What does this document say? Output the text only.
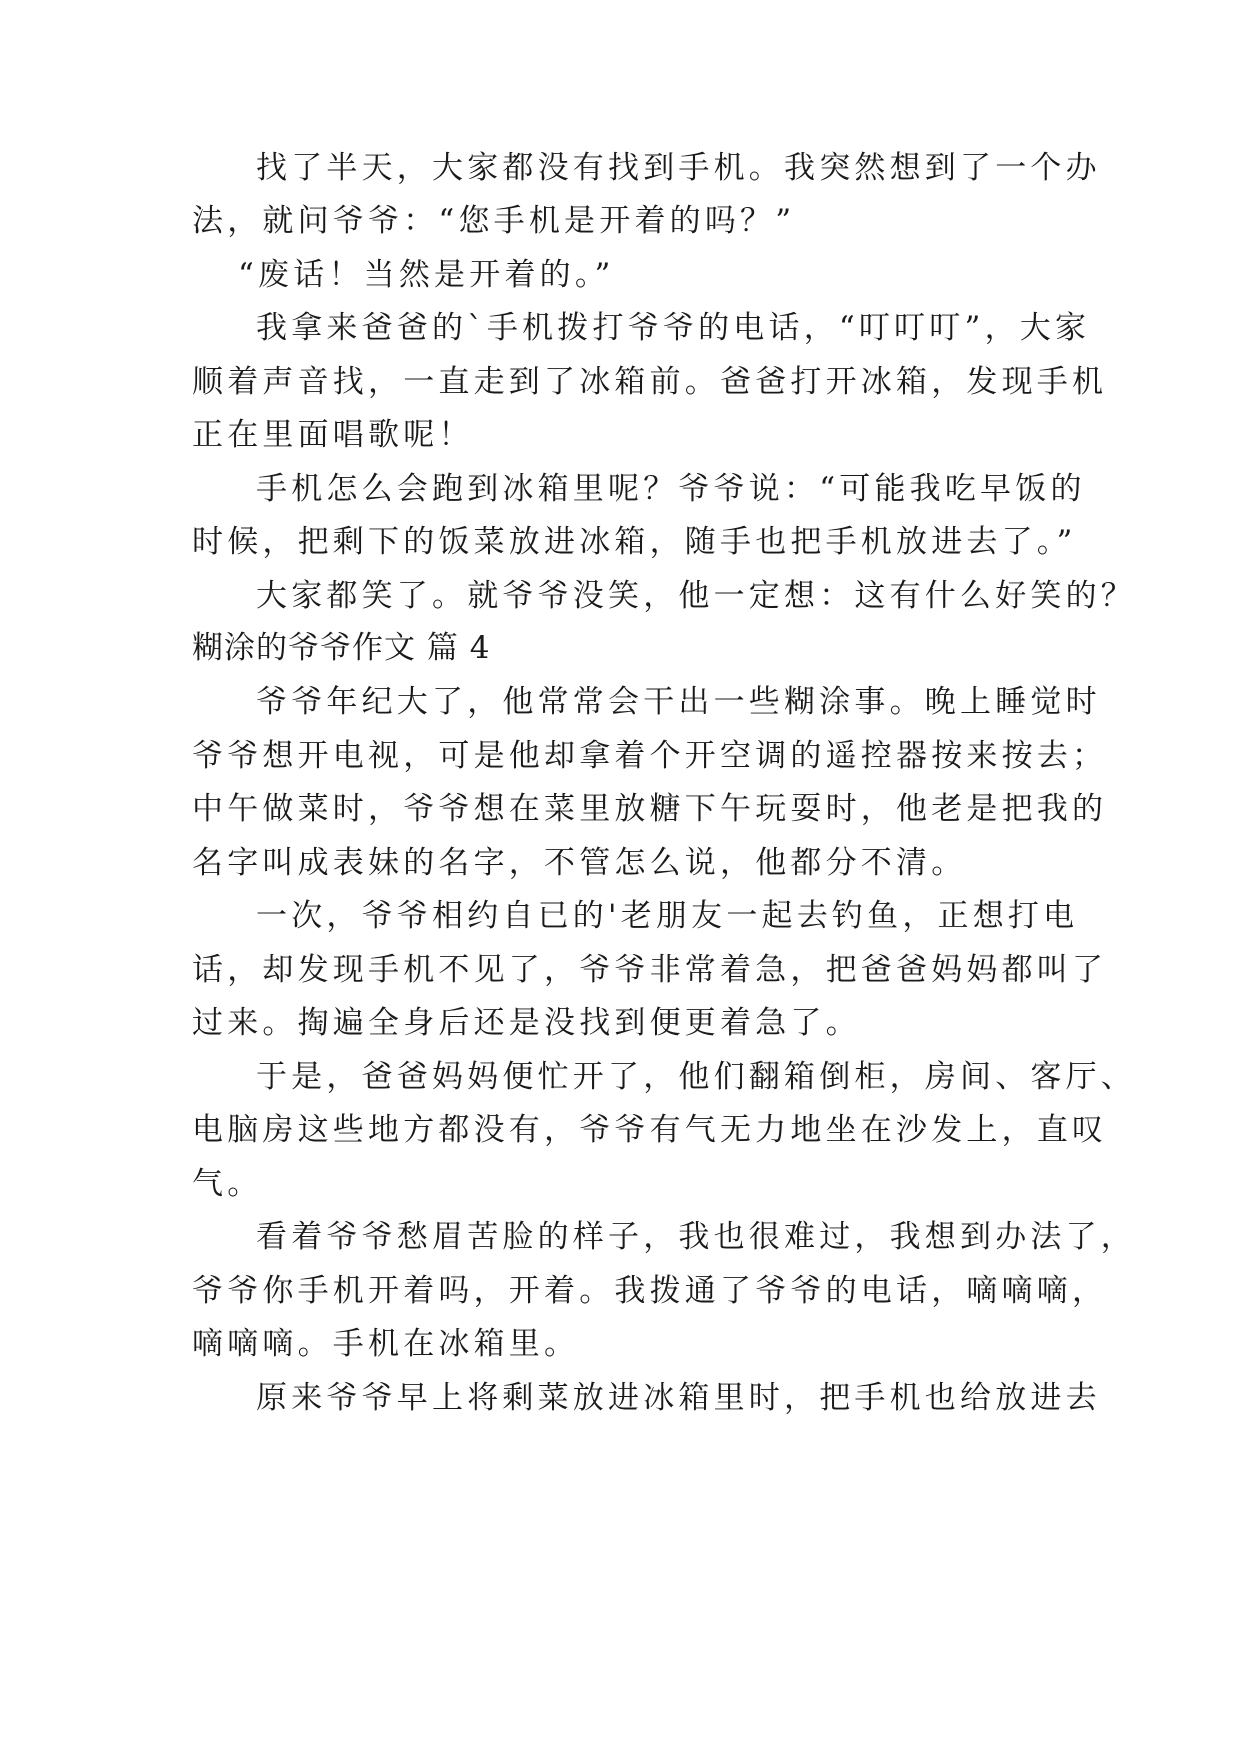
找了半天，大家都没有找到手机。我突然想到了一个办
法，就问爷爷：“您手机是开着的吗？”
“废话！当然是开着的。”
我拿来爸爸的`手机拨打爷爷的电话，“叮叮叮”，大家
顺着声音找，一直走到了冰箱前。爸爸打开冰箱，发现手机
正在里面唱歌呢！
手机怎么会跑到冰箱里呢？爷爷说：“可能我吃早饭的
时候，把剩下的饭菜放进冰箱，随手也把手机放进去了。”
大家都笑了。就爷爷没笑，他一定想：这有什么好笑的？
糊涂的爷爷作文 篇 4
爷爷年纪大了，他常常会干出一些糊涂事。晚上睡觉时
爷爷想开电视，可是他却拿着个开空调的遥控器按来按去；
中午做菜时，爷爷想在菜里放糖下午玩耍时，他老是把我的
名字叫成表妹的名字，不管怎么说，他都分不清。
一次，爷爷相约自已的'老朋友一起去钓鱼，正想打电
话，却发现手机不见了，爷爷非常着急，把爸爸妈妈都叫了
过来。掏遍全身后还是没找到便更着急了。
于是，爸爸妈妈便忙开了，他们翻箱倒柜，房间、客厅、
电脑房这些地方都没有，爷爷有气无力地坐在沙发上，直叹
气。
看着爷爷愁眉苦脸的样子，我也很难过，我想到办法了，
爷爷你手机开着吗，开着。我拨通了爷爷的电话，嘀嘀嘀，
嘀嘀嘀。手机在冰箱里。
原来爷爷早上将剩菜放进冰箱里时，把手机也给放进去
